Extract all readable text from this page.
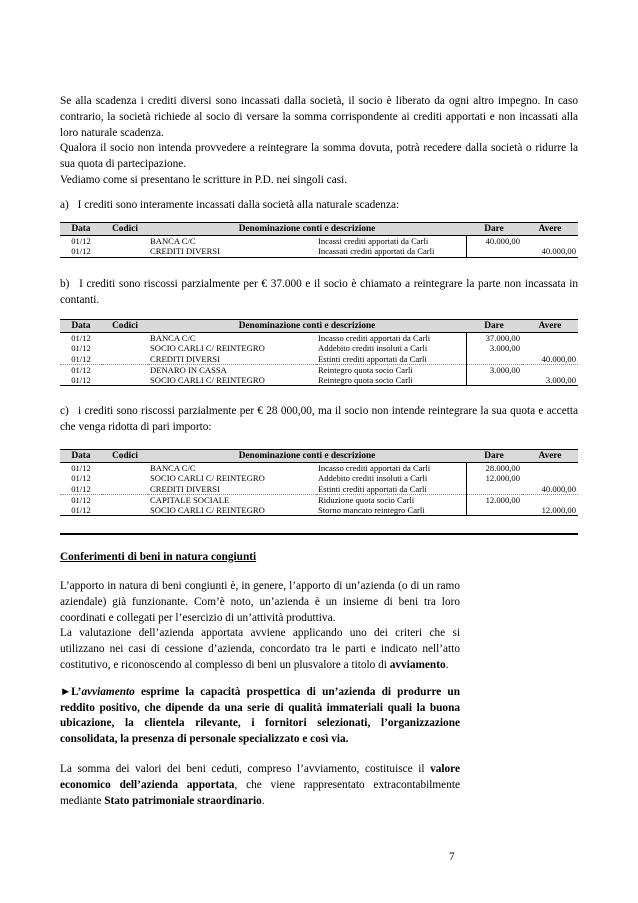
Se alla scadenza i crediti diversi sono incassati dalla società, il socio è liberato da ogni altro impegno. In caso contrario, la società richiede al socio di versare la somma corrispondente ai crediti apportati e non incassati alla loro naturale scadenza.

Qualora il socio non intenda provvedere a reintegrare la somma dovuta, potrà recedere dalla società o ridurre la sua quota di partecipazione.

Vediamo come si presentano le scritture in P.D. nei singoli casi.

a) I crediti sono interamente incassati dalla società alla naturale scadenza:
Data	Codici	Denominazione conti e descrizione		Dare	Avere
01/12		BANCA C/C	Incassi crediti apportati da Carli	40.000,00	
01/12		CREDITI DIVERSI	Incassati crediti apportati da Carli		40.000,00
b) I crediti sono riscossi parzialmente per € 37.000 e il socio è chiamato a reintegrare la parte non incassata in contanti.
Data	Codici	Denominazione conti e descrizione		Dare	Avere
01/12		BANCA C/C	Incasso crediti apportati da Carli	37.000,00	
01/12		SOCIO CARLI C/ REINTEGRO	Addebito crediti insoluti a Carli	3.000,00	
01/12		CREDITI DIVERSI	Estinti crediti apportati da Carli		40.000,00
01/12		DENARO IN CASSA	Reintegro quota socio Carli	3.000,00	
01/12		SOCIO CARLI C/ REINTEGRO	Reintegro quota socio Carli		3.000,00
c) i crediti sono riscossi parzialmente per € 28 000,00, ma il socio non intende reintegrare la sua quota e accetta che venga ridotta di pari importo:
Data	Codici	Denominazione conti e descrizione		Dare	Avere
01/12		BANCA C/C	Incasso crediti apportati da Carli	28.000,00	
01/12		SOCIO CARLI C/ REINTEGRO	Addebito crediti insoluti a Carli	12.000,00	
01/12		CREDITI DIVERSI	Estinti crediti apportati da Carli		40.000,00
01/12		CAPITALE SOCIALE	Riduzione quota socio Carli	12.000,00	
01/12		SOCIO CARLI C/ REINTEGRO	Storno mancato reintegro Carli		12.000,00
Conferimenti di beni in natura congiunti

L’apporto in natura di beni congiunti è, in genere, l’apporto di un’azienda (o di un ramo aziendale) già funzionante. Com’è noto, un’azienda è un insieme di beni tra loro coordinati e collegati per l’esercizio di un’attività produttiva.

La valutazione dell’azienda apportata avviene applicando uno dei criteri che si utilizzano nei casi di cessione d’azienda, concordato tra le parti e indicato nell’atto costitutivo, e riconoscendo al complesso di beni un plusvalore a titolo di avviamento.

►L’avviamento esprime la capacità prospettica di un’azienda di produrre un reddito positivo, che dipende da una serie di qualità immateriali quali la buona ubicazione, la clientela rilevante, i fornitori selezionati, l’organizzazione consolidata, la presenza di personale specializzato e così via.

La somma dei valori dei beni ceduti, compreso l’avviamento, costituisce il valore economico dell’azienda apportata, che viene rappresentato extracontabilmente mediante Stato patrimoniale straordinario.

7
